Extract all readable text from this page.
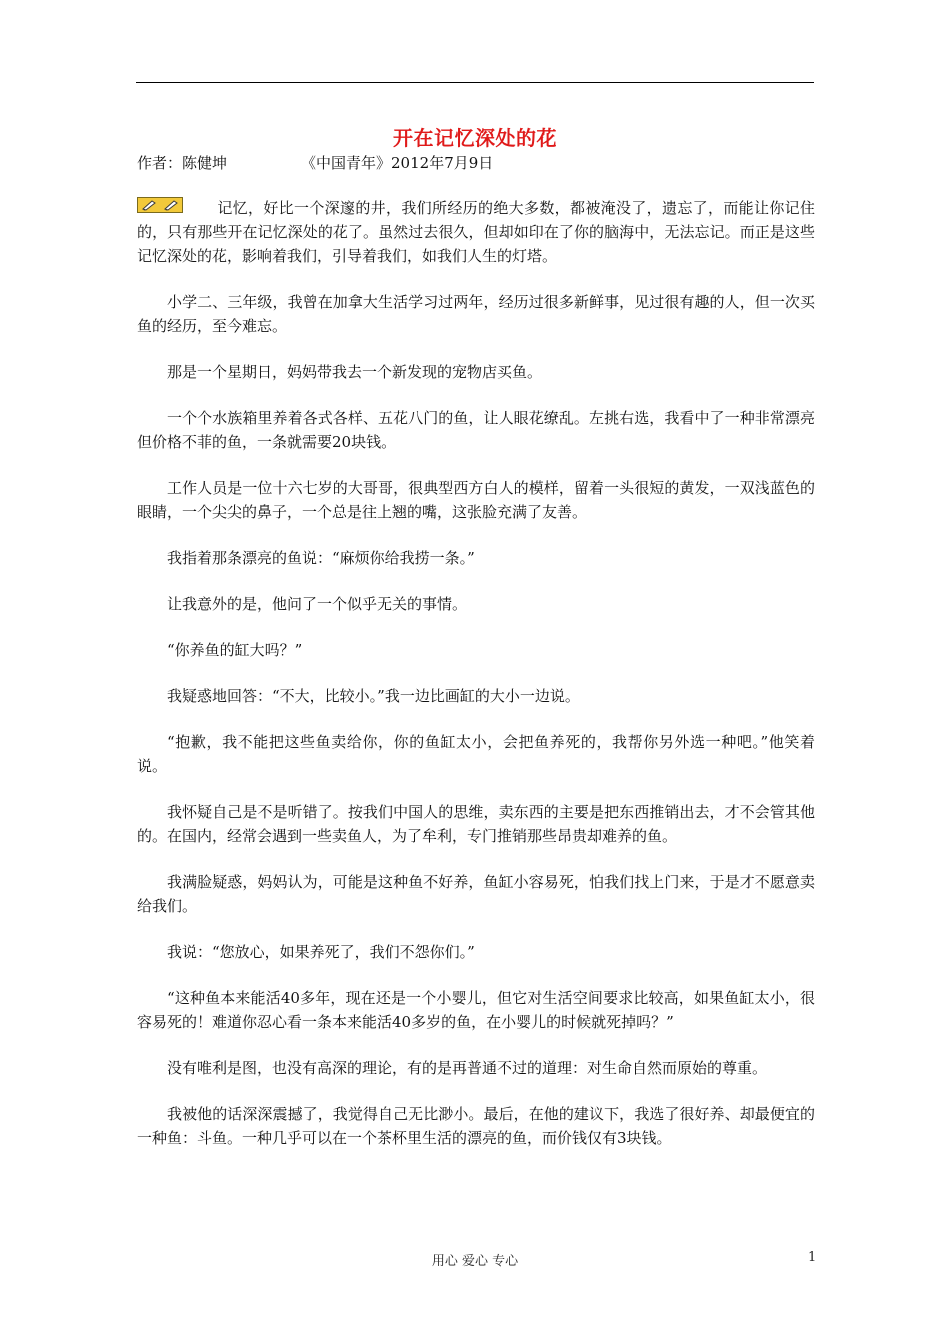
开在记忆深处的花
作者：陈健坤	《中国青年》2012年7月9日

记忆，好比一个深邃的井，我们所经历的绝大多数，都被淹没了，遗忘了，而能让你记住的，只有那些开在记忆深处的花了。虽然过去很久，但却如印在了你的脑海中，无法忘记。而正是这些记忆深处的花，影响着我们，引导着我们，如我们人生的灯塔。

小学二、三年级，我曾在加拿大生活学习过两年，经历过很多新鲜事，见过很有趣的人，但一次买鱼的经历，至今难忘。

那是一个星期日，妈妈带我去一个新发现的宠物店买鱼。

一个个水族箱里养着各式各样、五花八门的鱼，让人眼花缭乱。左挑右选，我看中了一种非常漂亮但价格不菲的鱼，一条就需要20块钱。

工作人员是一位十六七岁的大哥哥，很典型西方白人的模样，留着一头很短的黄发，一双浅蓝色的眼睛，一个尖尖的鼻子，一个总是往上翘的嘴，这张脸充满了友善。

我指着那条漂亮的鱼说：“麻烦你给我捞一条。”

让我意外的是，他问了一个似乎无关的事情。

“你养鱼的缸大吗？”

我疑惑地回答：“不大，比较小。”我一边比画缸的大小一边说。

“抱歉，我不能把这些鱼卖给你，你的鱼缸太小，会把鱼养死的，我帮你另外选一种吧。”他笑着说。

我怀疑自己是不是听错了。按我们中国人的思维，卖东西的主要是把东西推销出去，才不会管其他的。在国内，经常会遇到一些卖鱼人，为了牟利，专门推销那些昂贵却难养的鱼。

我满脸疑惑，妈妈认为，可能是这种鱼不好养，鱼缸小容易死，怕我们找上门来，于是才不愿意卖给我们。

我说：“您放心，如果养死了，我们不怨你们。”

“这种鱼本来能活40多年，现在还是一个小婴儿，但它对生活空间要求比较高，如果鱼缸太小，很容易死的！难道你忍心看一条本来能活40多岁的鱼，在小婴儿的时候就死掉吗？”

没有唯利是图，也没有高深的理论，有的是再普通不过的道理：对生命自然而原始的尊重。

我被他的话深深震撼了，我觉得自己无比渺小。最后，在他的建议下，我选了很好养、却最便宜的一种鱼：斗鱼。一种几乎可以在一个茶杯里生活的漂亮的鱼，而价钱仅有3块钱。

用心 爱心 专心	1
